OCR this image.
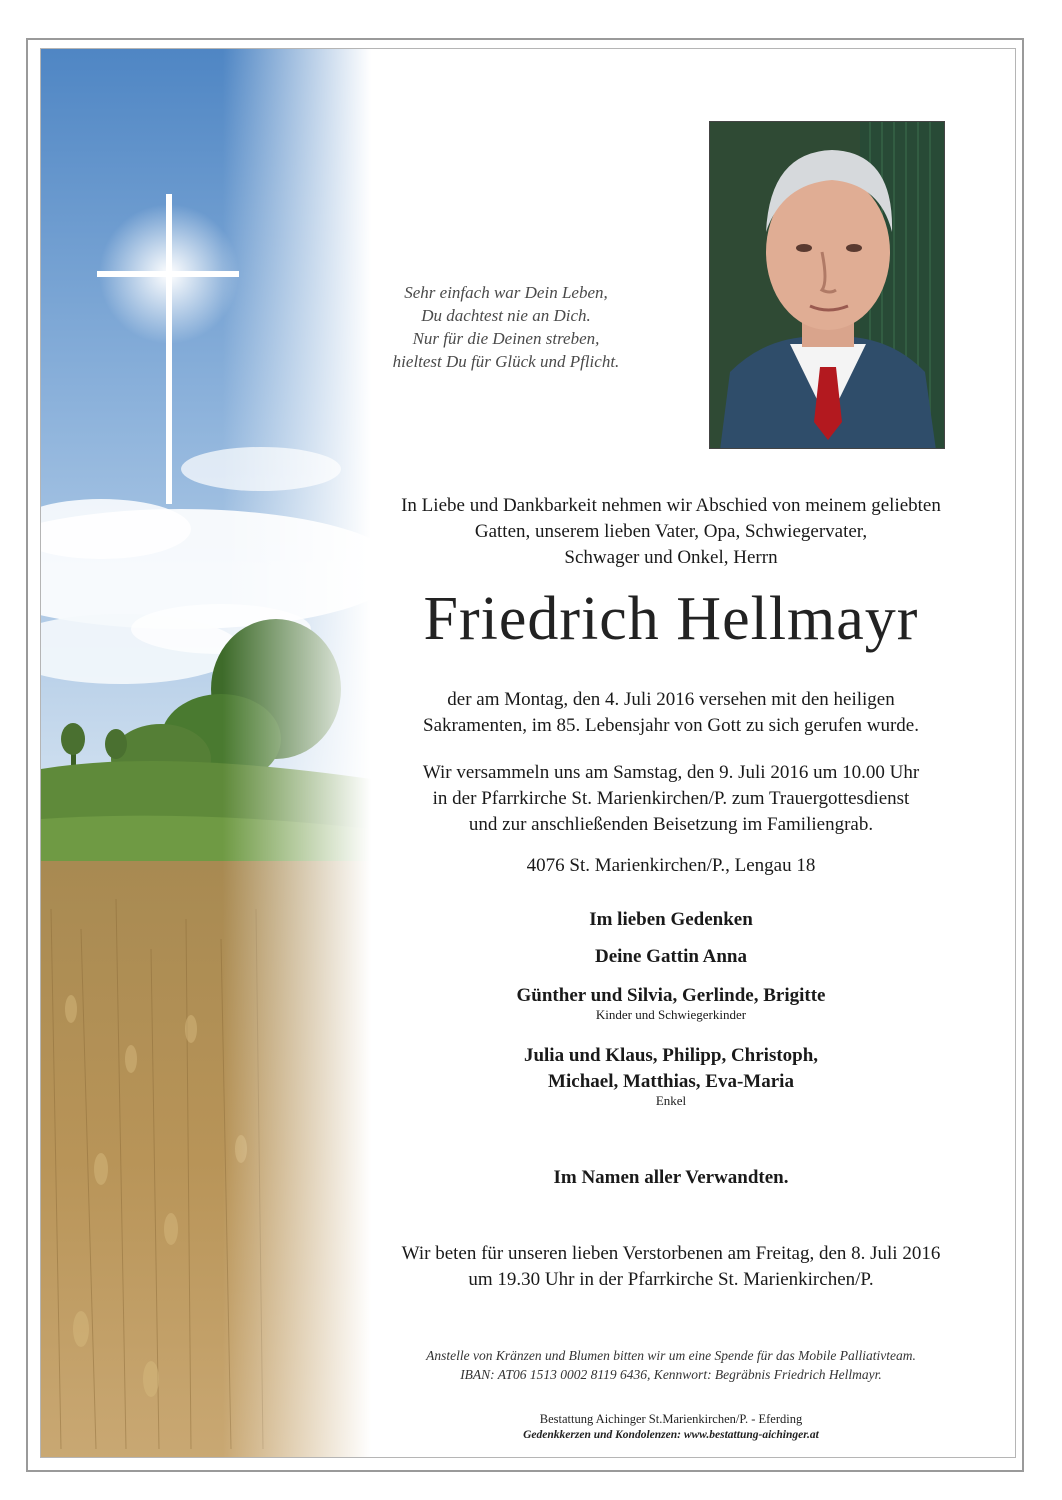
Sehr einfach war Dein Leben,
Du dachtest nie an Dich.
Nur für die Deinen streben,
hieltest Du für Glück und Pflicht.
In Liebe und Dankbarkeit nehmen wir Abschied von meinem geliebten
Gatten, unserem lieben Vater, Opa, Schwiegervater,
Schwager und Onkel, Herrn
Friedrich Hellmayr
der am Montag, den 4. Juli 2016 versehen mit den heiligen
Sakramenten, im 85. Lebensjahr von Gott zu sich gerufen wurde.
Wir versammeln uns am Samstag, den 9. Juli 2016 um 10.00 Uhr
in der Pfarrkirche St. Marienkirchen/P. zum Trauergottesdienst
und zur anschließenden Beisetzung im Familiengrab.
4076 St. Marienkirchen/P., Lengau 18
Im lieben Gedenken
Deine Gattin Anna
Günther und Silvia, Gerlinde, Brigitte
Kinder und Schwiegerkinder
Julia und Klaus, Philipp, Christoph,
Michael, Matthias, Eva-Maria
Enkel
Im Namen aller Verwandten.
Wir beten für unseren lieben Verstorbenen am Freitag, den 8. Juli 2016
um 19.30 Uhr in der Pfarrkirche St. Marienkirchen/P.
Anstelle von Kränzen und Blumen bitten wir um eine Spende für das Mobile Palliativteam.
IBAN: AT06 1513 0002 8119 6436, Kennwort: Begräbnis Friedrich Hellmayr.
Bestattung Aichinger St.Marienkirchen/P. - Eferding
Gedenkkerzen und Kondolenzen: www.bestattung-aichinger.at
